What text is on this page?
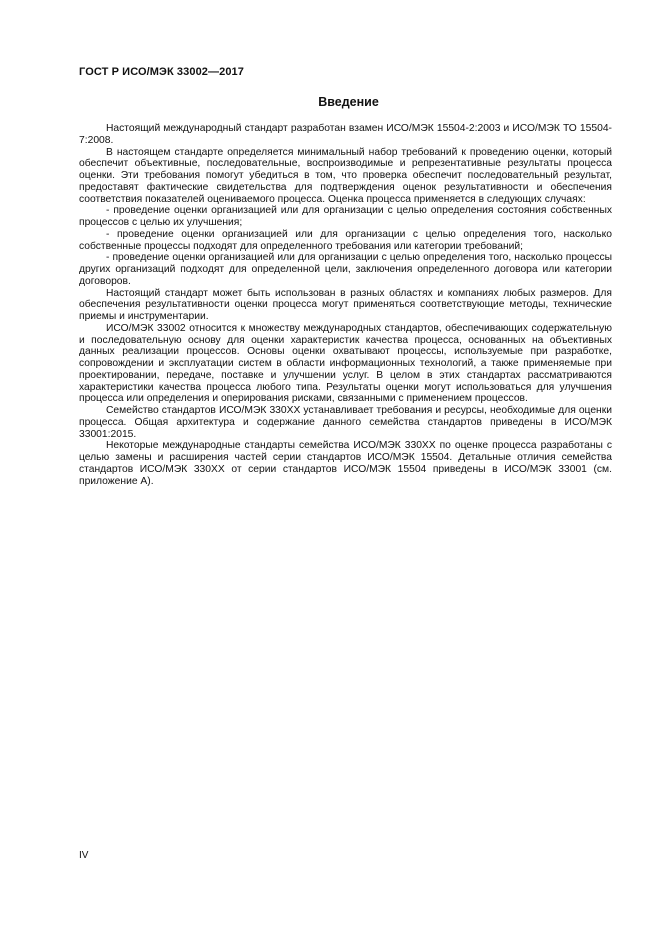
ГОСТ Р ИСО/МЭК 33002—2017
Введение

Настоящий международный стандарт разработан взамен ИСО/МЭК 15504-2:2003 и ИСО/МЭК ТО 15504-7:2008.

В настоящем стандарте определяется минимальный набор требований к проведению оценки, который обеспечит объективные, последовательные, воспроизводимые и репрезентативные результаты процесса оценки. Эти требования помогут убедиться в том, что проверка обеспечит последовательный результат, предоставят фактические свидетельства для подтверждения оценок результативности и обеспечения соответствия показателей оцениваемого процесса. Оценка процесса применяется в следующих случаях:

- проведение оценки организацией или для организации с целью определения состояния собственных процессов с целью их улучшения;

- проведение оценки организацией или для организации с целью определения того, насколько собственные процессы подходят для определенного требования или категории требований;

- проведение оценки организацией или для организации с целью определения того, насколько процессы других организаций подходят для определенной цели, заключения определенного договора или категории договоров.

Настоящий стандарт может быть использован в разных областях и компаниях любых размеров. Для обеспечения результативности оценки процесса могут применяться соответствующие методы, технические приемы и инструментарии.

ИСО/МЭК 33002 относится к множеству международных стандартов, обеспечивающих содержательную и последовательную основу для оценки характеристик качества процесса, основанных на объективных данных реализации процессов. Основы оценки охватывают процессы, используемые при разработке, сопровождении и эксплуатации систем в области информационных технологий, а также применяемые при проектировании, передаче, поставке и улучшении услуг. В целом в этих стандартах рассматриваются характеристики качества процесса любого типа. Результаты оценки могут использоваться для улучшения процесса или определения и оперирования рисками, связанными с применением процессов.

Семейство стандартов ИСО/МЭК 330ХХ устанавливает требования и ресурсы, необходимые для оценки процесса. Общая архитектура и содержание данного семейства стандартов приведены в ИСО/МЭК 33001:2015.

Некоторые международные стандарты семейства ИСО/МЭК 330ХХ по оценке процесса разработаны с целью замены и расширения частей серии стандартов ИСО/МЭК 15504. Детальные отличия семейства стандартов ИСО/МЭК 330ХХ от серии стандартов ИСО/МЭК 15504 приведены в ИСО/МЭК 33001 (см. приложение А).

IV
